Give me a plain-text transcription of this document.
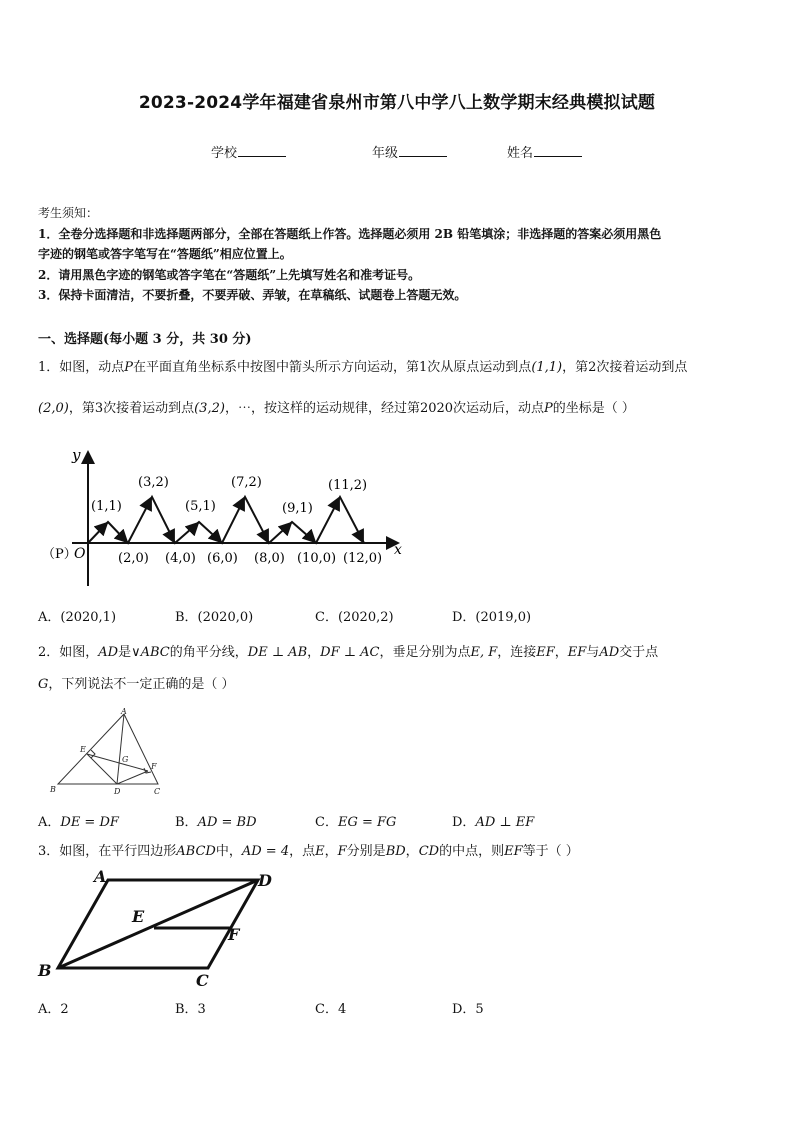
2023-2024学年福建省泉州市第八中学八上数学期末经典模拟试题
学校	年级	姓名
考生须知：
1．全卷分选择题和非选择题两部分，全部在答题纸上作答。选择题必须用 2B 铅笔填涂；非选择题的答案必须用黑色
字迹的钢笔或答字笔写在“答题纸”相应位置上。
2．请用黑色字迹的钢笔或答字笔在“答题纸”上先填写姓名和准考证号。
3．保持卡面清洁，不要折叠，不要弄破、弄皱，在草稿纸、试题卷上答题无效。
一、选择题(每小题 3 分，共 30 分)
1．如图，动点P在平面直角坐标系中按图中箭头所示方向运动，第1次从原点运动到点(1,1)，第2次接着运动到点
(2,0)，第3次接着运动到点(3,2)，⋯，按这样的运动规律，经过第2020次运动后，动点P的坐标是（ ）
y
x
（P）
O
(1,1)
(3,2)
(5,1)
(7,2)
(9,1)
(11,2)
(2,0) (4,0) (6,0) (8,0) (10,0) (12,0)
A．(2020,1)	B．(2020,0)	C．(2020,2)	D．(2019,0)
2．如图，AD是∨ABC的角平分线，DE ⊥ AB，DF ⊥ AC，垂足分别为点E, F，连接EF，EF与AD交于点
G，下列说法不一定正确的是（ ）
A
E
G
F
B	D	C
A．DE = DF	B．AD = BD	C．EG = FG	D．AD ⊥ EF
3．如图，在平行四边形ABCD中，AD = 4，点E，F分别是BD，CD的中点，则EF等于（ ）
A	D
E
F
B
C
A．2	B．3	C．4	D．5
